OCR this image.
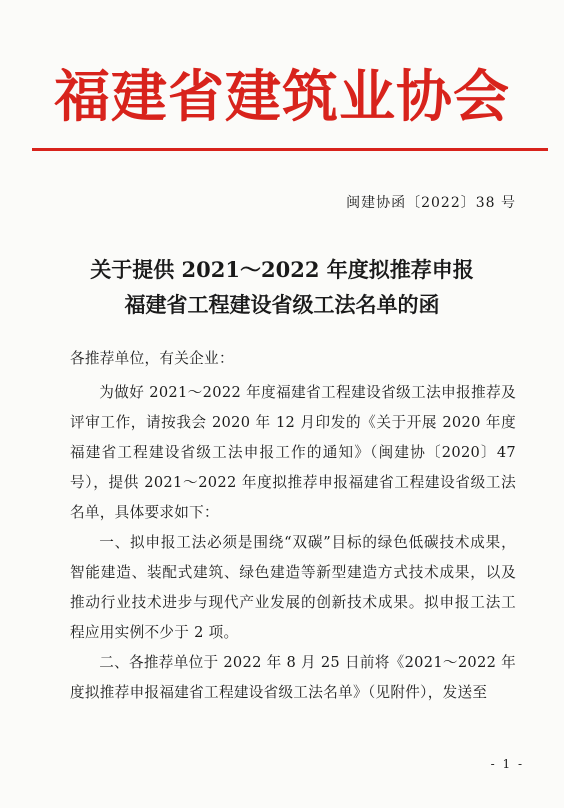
福建省建筑业协会
闽建协函〔2022〕38 号
关于提供 2021～2022 年度拟推荐申报
福建省工程建设省级工法名单的函

各推荐单位，有关企业：

为做好 2021～2022 年度福建省工程建设省级工法申报推荐及评审工作，请按我会 2020 年 12 月印发的《关于开展 2020 年度福建省工程建设省级工法申报工作的通知》（闽建协〔2020〕47 号），提供 2021～2022 年度拟推荐申报福建省工程建设省级工法名单，具体要求如下：

一、拟申报工法必须是围绕“双碳”目标的绿色低碳技术成果，智能建造、装配式建筑、绿色建造等新型建造方式技术成果，以及推动行业技术进步与现代产业发展的创新技术成果。拟申报工法工程应用实例不少于 2 项。

二、各推荐单位于 2022 年 8 月 25 日前将《2021～2022 年度拟推荐申报福建省工程建设省级工法名单》（见附件），发送至

- 1 -
